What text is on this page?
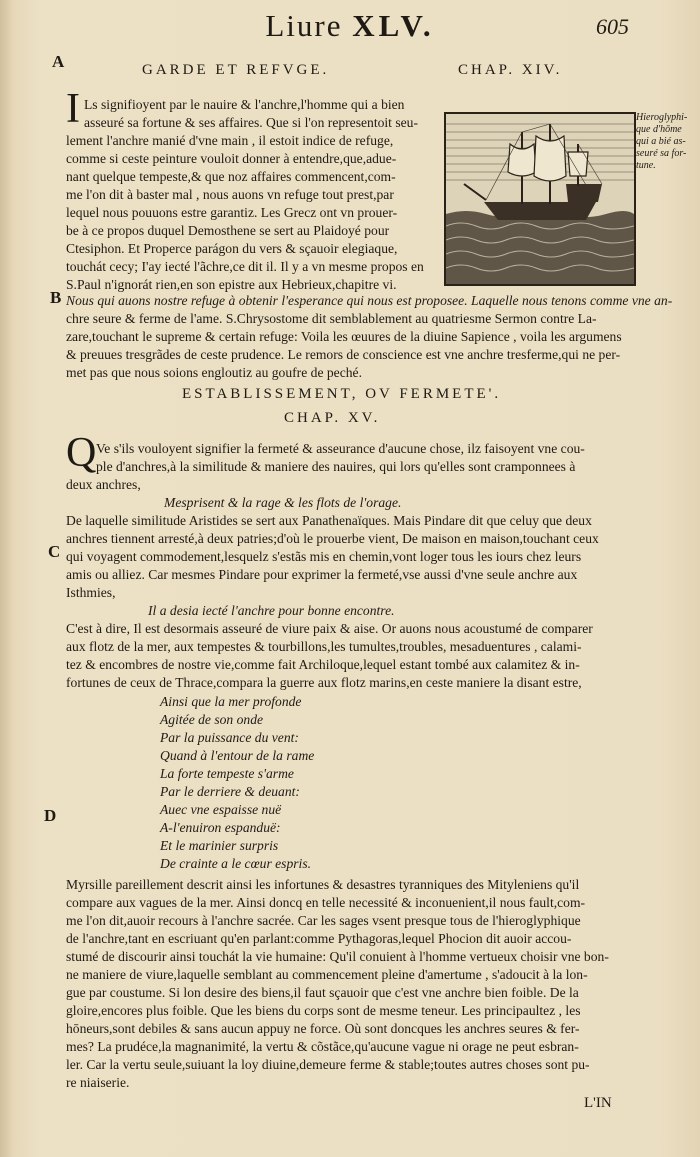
Liure XLV.	605
A
B
C
D
GARDE ET REFVGE.	CHAP. XIV.
I Ls signifioyent par le nauire & l'anchre,l'homme qui a bien
asseuré sa fortune & ses affaires. Que si l'on representoit seu-
lement l'anchre manié d'vne main , il estoit indice de refuge,
comme si ceste peinture vouloit donner à entendre,que,adue-
nant quelque tempeste,& que noz affaires commencent,com-
me l'on dit à baster mal , nous auons vn refuge tout prest,par
lequel nous pouuons estre garantiz. Les Grecz ont vn prouer-
be à ce propos duquel Demosthene se sert au Plaidoyé pour
Ctesiphon. Et Properce parágon du vers & sçauoir elegiaque,
touchát cecy; I'ay iecté l'ãchre,ce dit il. Il y a vn mesme propos en
S.Paul n'ignorát rien,en son epistre aux Hebrieux,chapitre vi.
Hieroglyphi-
que d'hōme
qui a bié as-
seuré sa for-
tune.
Nous qui auons nostre refuge à obtenir l'esperance qui nous est proposee. Laquelle nous tenons comme vne an-
chre seure & ferme de l'ame. S.Chrysostome dit semblablement au quatriesme Sermon contre La-
zare,touchant le supreme & certain refuge: Voila les œuures de la diuine Sapience , voila les argumens
& preuues tresgrãdes de ceste prudence. Le remors de conscience est vne anchre tresferme,qui ne per-
met pas que nous soions engloutiz au goufre de peché.
ESTABLISSEMENT, OV FERMETE'.
CHAP. XV.
Q Ve s'ils vouloyent signifier la fermeté & asseurance d'aucune chose, ilz faisoyent vne cou-
ple d'anchres,à la similitude & maniere des nauires, qui lors qu'elles sont cramponnees à
deux anchres,
Mesprisent & la rage & les flots de l'orage.
De laquelle similitude Aristides se sert aux Panathenaïques. Mais Pindare dit que celuy que deux
anchres tiennent arresté,à deux patries;d'où le prouerbe vient, De maison en maison,touchant ceux
qui voyagent commodement,lesquelz s'estãs mis en chemin,vont loger tous les iours chez leurs
amis ou alliez. Car mesmes Pindare pour exprimer la fermeté,vse aussi d'vne seule anchre aux
Isthmies,
Il a desia iecté l'anchre pour bonne encontre.
C'est à dire, Il est desormais asseuré de viure paix & aise. Or auons nous acoustumé de comparer
aux flotz de la mer, aux tempestes & tourbillons,les tumultes,troubles, mesaduentures , calami-
tez & encombres de nostre vie,comme fait Archiloque,lequel estant tombé aux calamitez & in-
fortunes de ceux de Thrace,compara la guerre aux flotz marins,en ceste maniere la disant estre,
Ainsi que la mer profonde
Agitée de son onde
Par la puissance du vent:
Quand à l'entour de la rame
La forte tempeste s'arme
Par le derriere & deuant:
Auec vne espaisse nuë
A-l'enuiron espanduë:
Et le marinier surpris
De crainte a le cœur espris.
Myrsille pareillement descrit ainsi les infortunes & desastres tyranniques des Mityleniens qu'il
compare aux vagues de la mer. Ainsi doncq en telle necessité & inconuenient,il nous fault,com-
me l'on dit,auoir recours à l'anchre sacrée. Car les sages vsent presque tous de l'hieroglyphique
de l'anchre,tant en escriuant qu'en parlant:comme Pythagoras,lequel Phocion dit auoir accou-
stumé de discourir ainsi touchát la vie humaine: Qu'il conuient à l'homme vertueux choisir vne bon-
ne maniere de viure,laquelle semblant au commencement pleine d'amertume , s'adoucit à la lon-
gue par coustume. Si lon desire des biens,il faut sçauoir que c'est vne anchre bien foible. De la
gloire,encores plus foible. Que les biens du corps sont de mesme teneur. Les principaultez , les
hōneurs,sont debiles & sans aucun appuy ne force. Où sont doncques les anchres seures & fer-
mes? La prudéce,la magnanimité, la vertu & cõstãce,qu'aucune vague ni orage ne peut esbran-
ler. Car la vertu seule,suiuant la loy diuine,demeure ferme & stable;toutes autres choses sont pu-
re niaiserie.
L'IN
